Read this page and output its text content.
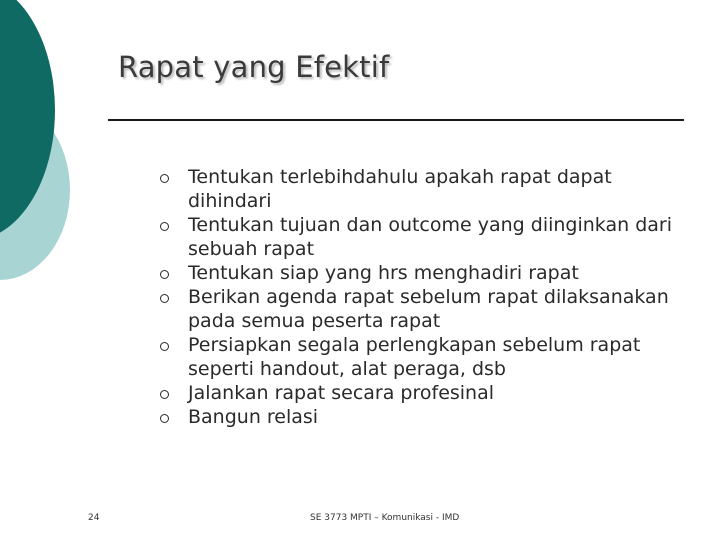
Rapat yang Efektif
Tentukan terlebihdahulu apakah rapat dapat dihindari
Tentukan tujuan dan outcome yang diinginkan dari sebuah rapat
Tentukan siap yang hrs menghadiri rapat
Berikan agenda rapat sebelum rapat dilaksanakan pada semua peserta rapat
Persiapkan segala perlengkapan sebelum rapat seperti handout, alat peraga, dsb
Jalankan rapat secara profesinal
Bangun relasi
24	SE 3773 MPTI – Komunikasi - IMD
